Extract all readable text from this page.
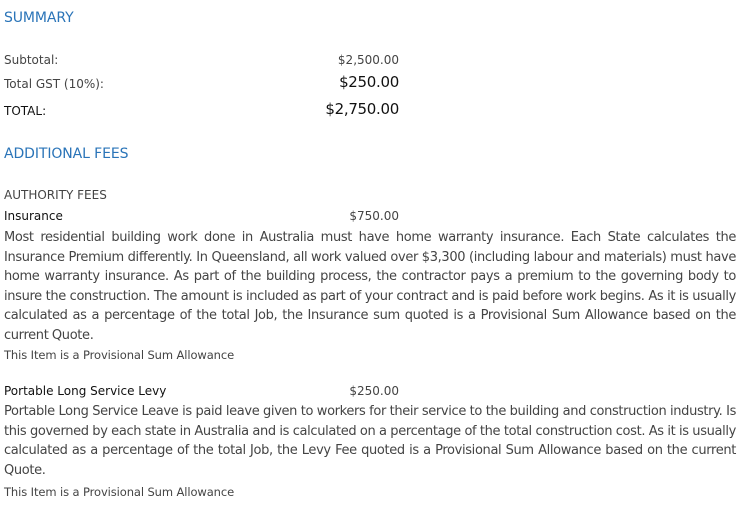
SUMMARY
Subtotal:	$2,500.00
Total GST (10%):	$250.00
TOTAL:	$2,750.00
ADDITIONAL FEES
AUTHORITY FEES
Insurance	$750.00
Most residential building work done in Australia must have home warranty insurance. Each State calculates the Insurance Premium differently. In Queensland, all work valued over $3,300 (including labour and materials) must have home warranty insurance. As part of the building process, the contractor pays a premium to the governing body to insure the construction. The amount is included as part of your contract and is paid before work begins. As it is usually calculated as a percentage of the total Job, the Insurance sum quoted is a Provisional Sum Allowance based on the current Quote.
This Item is a Provisional Sum Allowance
Portable Long Service Levy	$250.00
Portable Long Service Leave is paid leave given to workers for their service to the building and construction industry. Is this governed by each state in Australia and is calculated on a percentage of the total construction cost. As it is usually calculated as a percentage of the total Job, the Levy Fee quoted is a Provisional Sum Allowance based on the current Quote.
This Item is a Provisional Sum Allowance
